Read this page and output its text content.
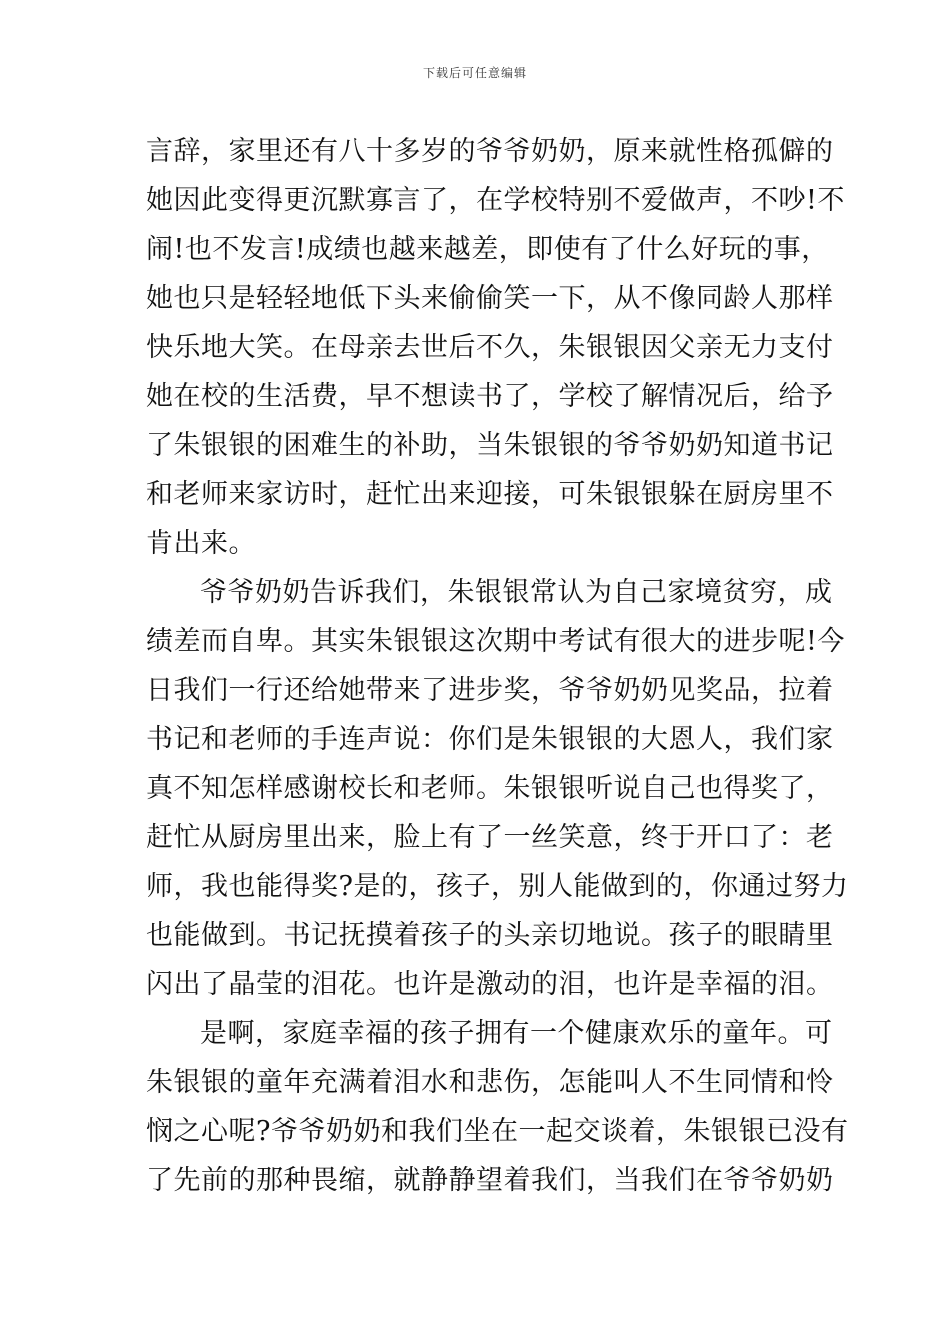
下载后可任意编辑
言辞，家里还有八十多岁的爷爷奶奶，原来就性格孤僻的
她因此变得更沉默寡言了，在学校特别不爱做声，不吵!不
闹!也不发言!成绩也越来越差，即使有了什么好玩的事，
她也只是轻轻地低下头来偷偷笑一下，从不像同龄人那样
快乐地大笑。在母亲去世后不久，朱银银因父亲无力支付
她在校的生活费，早不想读书了，学校了解情况后，给予
了朱银银的困难生的补助，当朱银银的爷爷奶奶知道书记
和老师来家访时，赶忙出来迎接，可朱银银躲在厨房里不
肯出来。
爷爷奶奶告诉我们，朱银银常认为自己家境贫穷，成
绩差而自卑。其实朱银银这次期中考试有很大的进步呢!今
日我们一行还给她带来了进步奖，爷爷奶奶见奖品，拉着
书记和老师的手连声说：你们是朱银银的大恩人，我们家
真不知怎样感谢校长和老师。朱银银听说自己也得奖了，
赶忙从厨房里出来，脸上有了一丝笑意，终于开口了：老
师，我也能得奖?是的，孩子，别人能做到的，你通过努力
也能做到。书记抚摸着孩子的头亲切地说。孩子的眼睛里
闪出了晶莹的泪花。也许是激动的泪，也许是幸福的泪。
是啊，家庭幸福的孩子拥有一个健康欢乐的童年。可
朱银银的童年充满着泪水和悲伤，怎能叫人不生同情和怜
悯之心呢?爷爷奶奶和我们坐在一起交谈着，朱银银已没有
了先前的那种畏缩，就静静望着我们，当我们在爷爷奶奶
